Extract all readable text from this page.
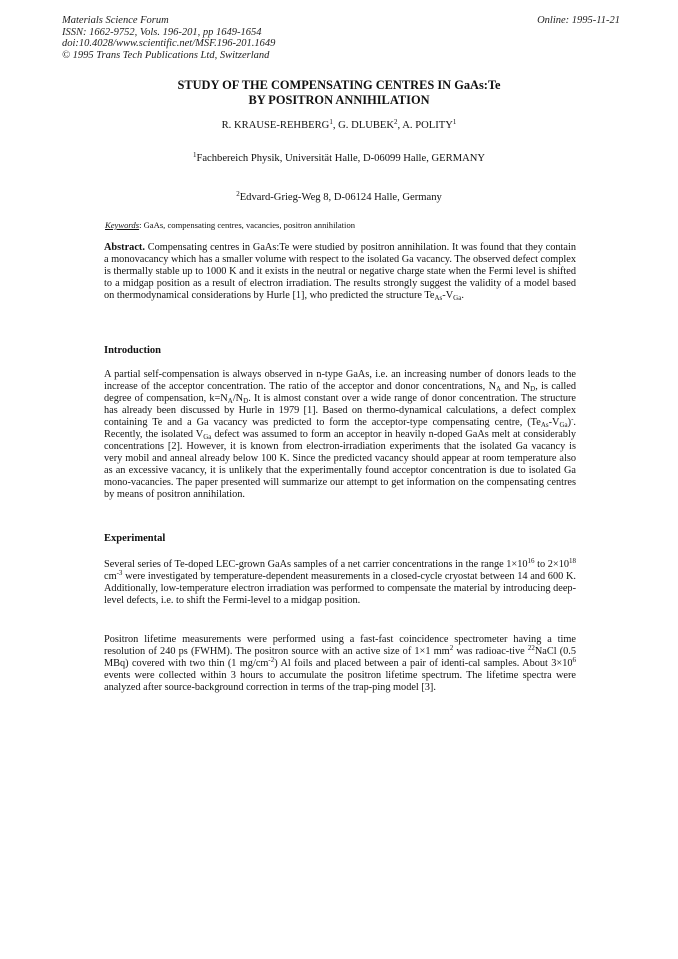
Materials Science Forum
ISSN: 1662-9752, Vols. 196-201, pp 1649-1654
doi:10.4028/www.scientific.net/MSF.196-201.1649
© 1995 Trans Tech Publications Ltd, Switzerland
Online: 1995-11-21
STUDY OF THE COMPENSATING CENTRES IN GaAs:Te
BY POSITRON ANNIHILATION
R. KRAUSE-REHBERG$^1$, G. DLUBEK$^2$, A. POLITY$^1$
$^1$Fachbereich Physik, Universität Halle, D-06099 Halle, GERMANY
$^2$Edvard-Grieg-Weg 8, D-06124 Halle, Germany
Keywords: GaAs, compensating centres, vacancies, positron annihilation
Abstract. Compensating centres in GaAs:Te were studied by positron annihilation. It was found that they contain a monovacancy which has a smaller volume with respect to the isolated Ga vacancy. The observed defect complex is thermally stable up to 1000 K and it exists in the neutral or negative charge state when the Fermi level is shifted to a midgap position as a result of electron irradiation. The results strongly suggest the validity of a model based on thermodynamical considerations by Hurle [1], who predicted the structure $Te_{As}-V_{Ga}$.
Introduction
A partial self-compensation is always observed in n-type GaAs, i.e. an increasing number of donors leads to the increase of the acceptor concentration. The ratio of the acceptor and donor concentrations, $N_A$ and $N_D$, is called degree of compensation, $k=N_A/N_D$. It is almost constant over a wide range of donor concentration. The structure has already been discussed by Hurle in 1979 [1]. Based on thermo-dynamical calculations, a defect complex containing Te and a Ga vacancy was predicted to form the acceptor-type compensating centre, $(Te_{As}-V_{Ga})^-$. Recently, the isolated $V_{Ga}$ defect was assumed to form an acceptor in heavily n-doped GaAs melt at considerably concentrations [2]. However, it is known from electron-irradiation experiments that the isolated Ga vacancy is very mobil and anneal already below 100 K. Since the predicted vacancy should appear at room temperature also as an excessive vacancy, it is unlikely that the experimentally found acceptor concentration is due to isolated Ga mono-vacancies. The paper presented will summarize our attempt to get information on the compensating centres by means of positron annihilation.
Experimental
Several series of Te-doped LEC-grown GaAs samples of a net carrier concentrations in the range $1\times 10^{16}$ to $2\times 10^{18}$ $cm^{-3}$ were investigated by temperature-dependent measurements in a closed-cycle cryostat between 14 and 600 K. Additionally, low-temperature electron irradiation was performed to compensate the material by introducing deep-level defects, i.e. to shift the Fermi-level to a midgap position.
Positron lifetime measurements were performed using a fast-fast coincidence spectrometer having a time resolution of 240 ps (FWHM). The positron source with an active size of 1×1 $mm^2$ was radioac-tive $^{22}$NaCl (0.5 MBq) covered with two thin (1 $mg/cm^{-2}$) Al foils and placed between a pair of identi-cal samples. About $3\times 10^6$ events were collected within 3 hours to accumulate the positron lifetime spectrum. The lifetime spectra were analyzed after source-background correction in terms of the trap-ping model [3].
